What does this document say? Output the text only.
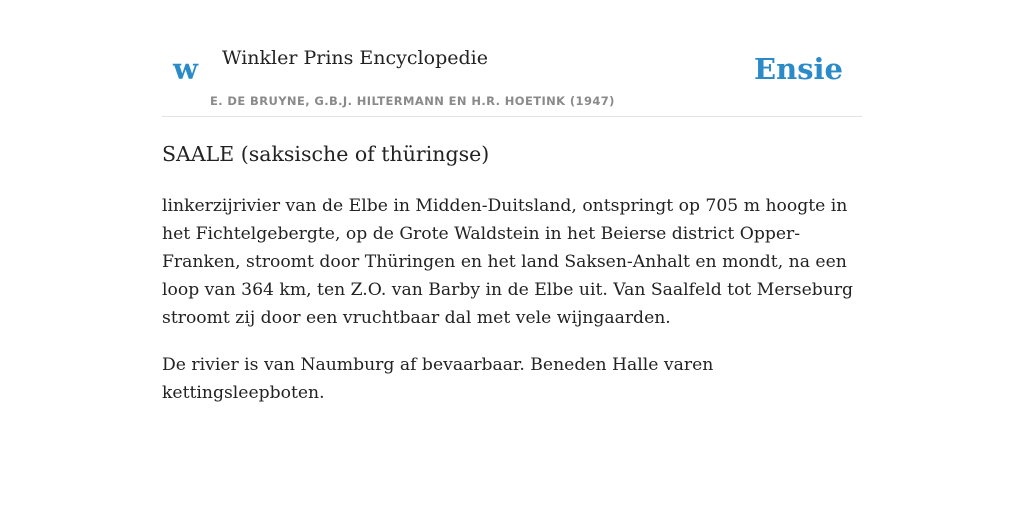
w Winkler Prins Encyclopedie
E. DE BRUYNE, G.B.J. HILTERMANN EN H.R. HOETINK (1947)
Ensie
SAALE (saksische of thüringse)

linkerzijrivier van de Elbe in Midden-Duitsland, ontspringt op 705 m hoogte in het Fichtelgebergte, op de Grote Waldstein in het Beierse district Opper-Franken, stroomt door Thüringen en het land Saksen-Anhalt en mondt, na een loop van 364 km, ten Z.O. van Barby in de Elbe uit. Van Saalfeld tot Merseburg stroomt zij door een vruchtbaar dal met vele wijngaarden.

De rivier is van Naumburg af bevaarbaar. Beneden Halle varen kettingsleepboten.
